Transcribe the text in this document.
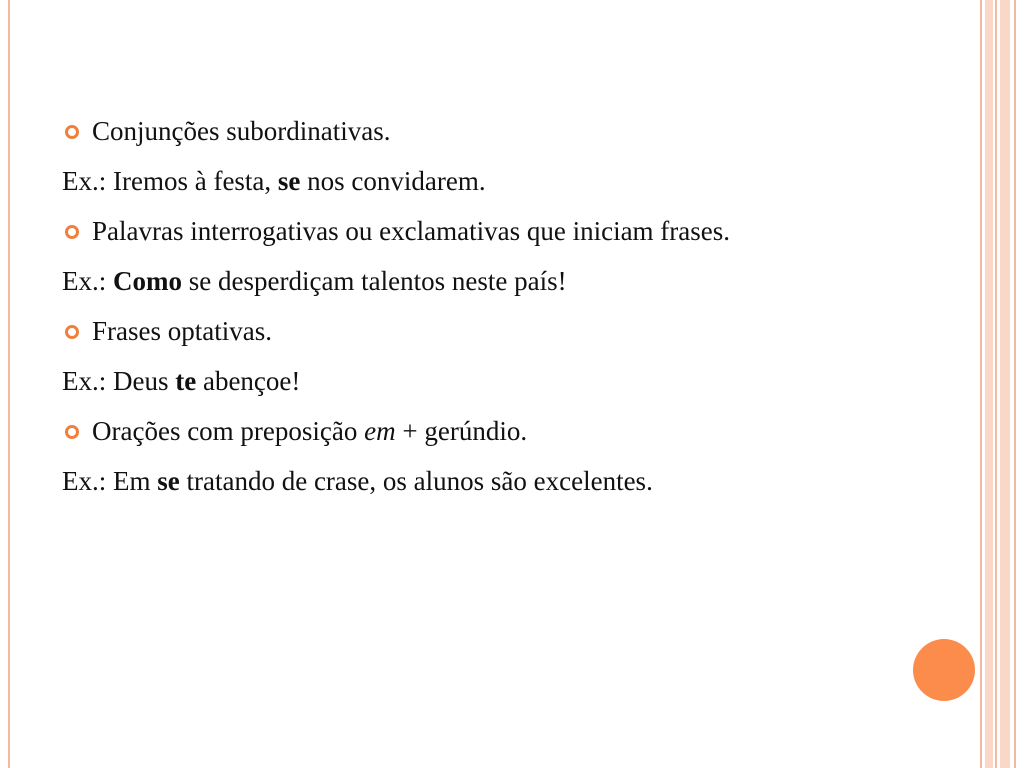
Conjunções subordinativas.
Ex.: Iremos à festa, se nos convidarem.
Palavras interrogativas ou exclamativas que iniciam frases.
Ex.: Como se desperdiçam talentos neste país!
Frases optativas.
Ex.: Deus te abençoe!
Orações com preposição em + gerúndio.
Ex.: Em se tratando de crase, os alunos são excelentes.
